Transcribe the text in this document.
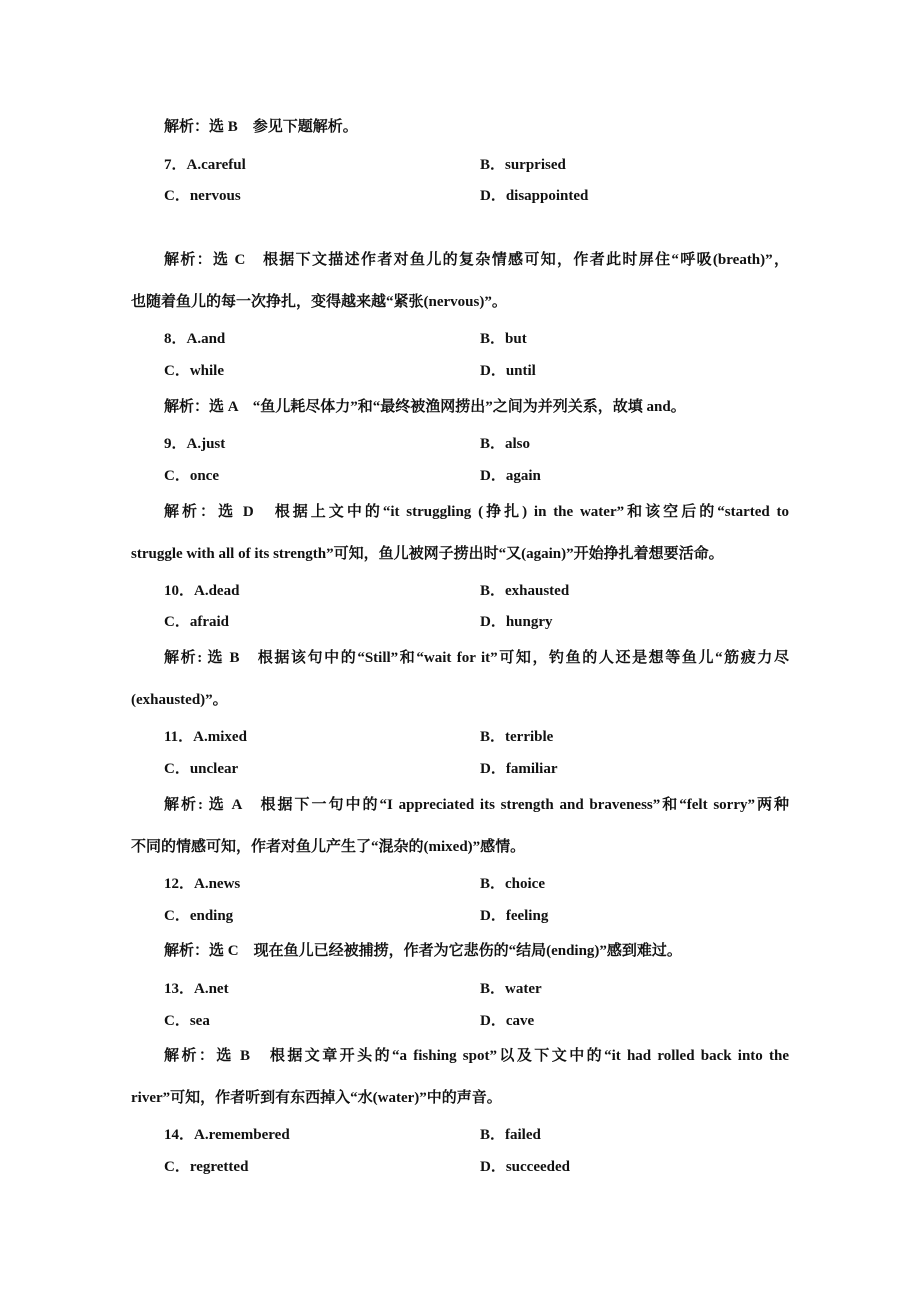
解析：选 B　参见下题解析。
7．A.careful	B．surprised
C．nervous	D．disappointed
解析：选 C　根据下文描述作者对鱼儿的复杂情感可知，作者此时屏住“呼吸(breath)”，
也随着鱼儿的每一次挣扎，变得越来越“紧张(nervous)”。
8．A.and	B．but
C．while	D．until
解析：选 A　“鱼儿耗尽体力”和“最终被渔网捞出”之间为并列关系，故填 and。
9．A.just	B．also
C．once	D．again
解析：选 D　根据上文中的“it struggling (挣扎) in the water”和该空后的“started to
struggle with all of its strength”可知，鱼儿被网子捞出时“又(again)”开始挣扎着想要活命。
10．A.dead	B．exhausted
C．afraid	D．hungry
解析: 选 B　根据该句中的“Still”和“wait for it”可知，钓鱼的人还是想等鱼儿“筋疲力尽
(exhausted)”。
11．A.mixed	B．terrible
C．unclear	D．familiar
解析: 选 A　根据下一句中的“I appreciated its strength and braveness”和“felt sorry”两种
不同的情感可知，作者对鱼儿产生了“混杂的(mixed)”感情。
12．A.news	B．choice
C．ending	D．feeling
解析：选 C　现在鱼儿已经被捕捞，作者为它悲伤的“结局(ending)”感到难过。
13．A.net	B．water
C．sea	D．cave
解析：选 B　根据文章开头的“a fishing spot”以及下文中的“it had rolled back into the
river”可知，作者听到有东西掉入“水(water)”中的声音。
14．A.remembered	B．failed
C．regretted	D．succeeded
